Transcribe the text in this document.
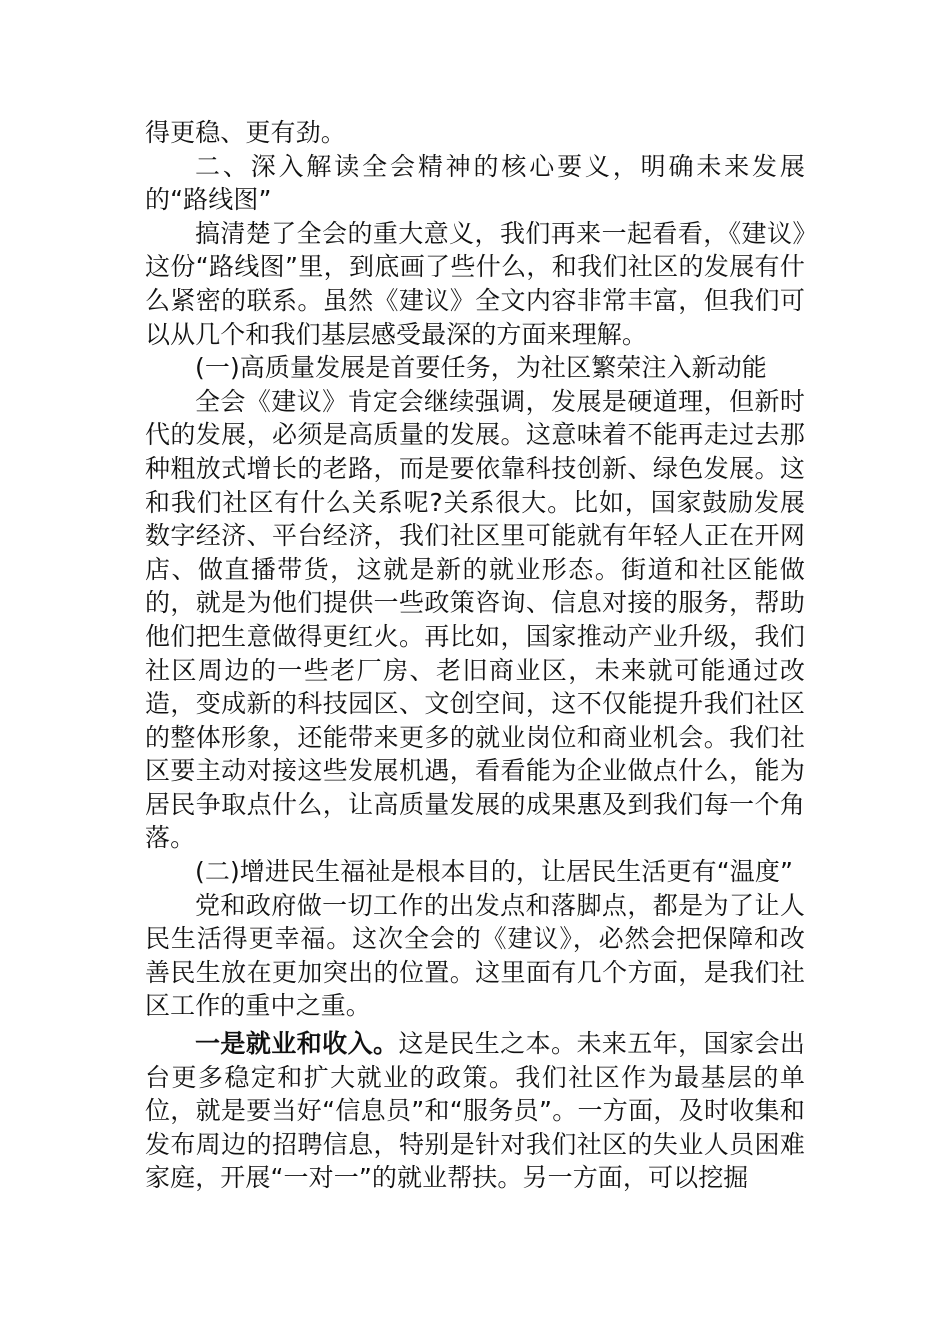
得更稳、更有劲。

二、深入解读全会精神的核心要义，明确未来发展的“路线图”

搞清楚了全会的重大意义，我们再来一起看看，《建议》这份“路线图”里，到底画了些什么，和我们社区的发展有什么紧密的联系。虽然《建议》全文内容非常丰富，但我们可以从几个和我们基层感受最深的方面来理解。

(一)高质量发展是首要任务，为社区繁荣注入新动能

全会《建议》肯定会继续强调，发展是硬道理，但新时代的发展，必须是高质量的发展。这意味着不能再走过去那种粗放式增长的老路，而是要依靠科技创新、绿色发展。这和我们社区有什么关系呢?关系很大。比如，国家鼓励发展数字经济、平台经济，我们社区里可能就有年轻人正在开网店、做直播带货，这就是新的就业形态。街道和社区能做的，就是为他们提供一些政策咨询、信息对接的服务，帮助他们把生意做得更红火。再比如，国家推动产业升级，我们社区周边的一些老厂房、老旧商业区，未来就可能通过改造，变成新的科技园区、文创空间，这不仅能提升我们社区的整体形象，还能带来更多的就业岗位和商业机会。我们社区要主动对接这些发展机遇，看看能为企业做点什么，能为居民争取点什么，让高质量发展的成果惠及到我们每一个角落。

(二)增进民生福祉是根本目的，让居民生活更有“温度”

党和政府做一切工作的出发点和落脚点，都是为了让人民生活得更幸福。这次全会的《建议》，必然会把保障和改善民生放在更加突出的位置。这里面有几个方面，是我们社区工作的重中之重。

一是就业和收入。这是民生之本。未来五年，国家会出台更多稳定和扩大就业的政策。我们社区作为最基层的单位，就是要当好“信息员”和“服务员”。一方面，及时收集和发布周边的招聘信息，特别是针对我们社区的失业人员困难家庭，开展“一对一”的就业帮扶。另一方面，可以挖掘
